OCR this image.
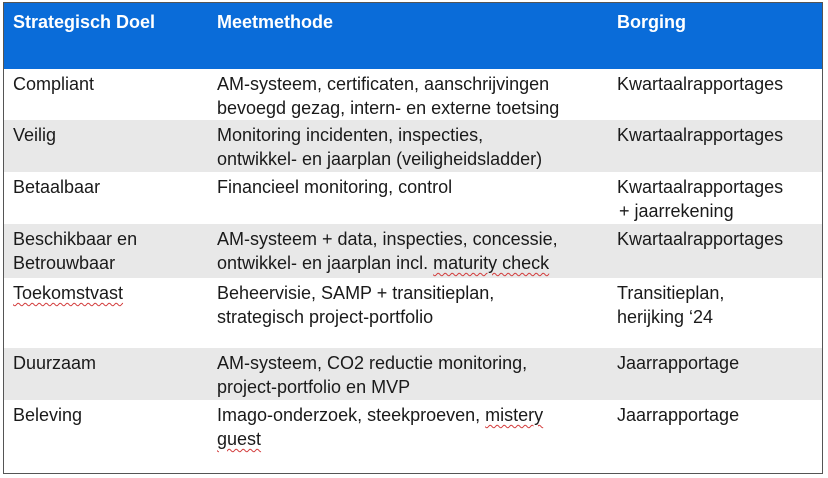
Strategisch Doel	Meetmethode	Borging

Compliant	AM-systeem, certificaten, aanschrijvingen
bevoegd gezag, intern- en externe toetsing	Kwartaalrapportages

Veilig	Monitoring incidenten, inspecties,
ontwikkel- en jaarplan (veiligheidsladder)	Kwartaalrapportages

Betaalbaar	Financieel monitoring, control	Kwartaalrapportages
+ jaarrekening

Beschikbaar en
Betrouwbaar	AM-systeem + data, inspecties, concessie,
ontwikkel- en jaarplan incl. maturity check	Kwartaalrapportages

Toekomstvast	Beheervisie, SAMP + transitieplan,
strategisch project-portfolio	Transitieplan,
herijking ‘24

Duurzaam	AM-systeem, CO2 reductie monitoring,
project-portfolio en MVP	Jaarrapportage

Beleving	Imago-onderzoek, steekproeven, mistery
guest	Jaarrapportage
